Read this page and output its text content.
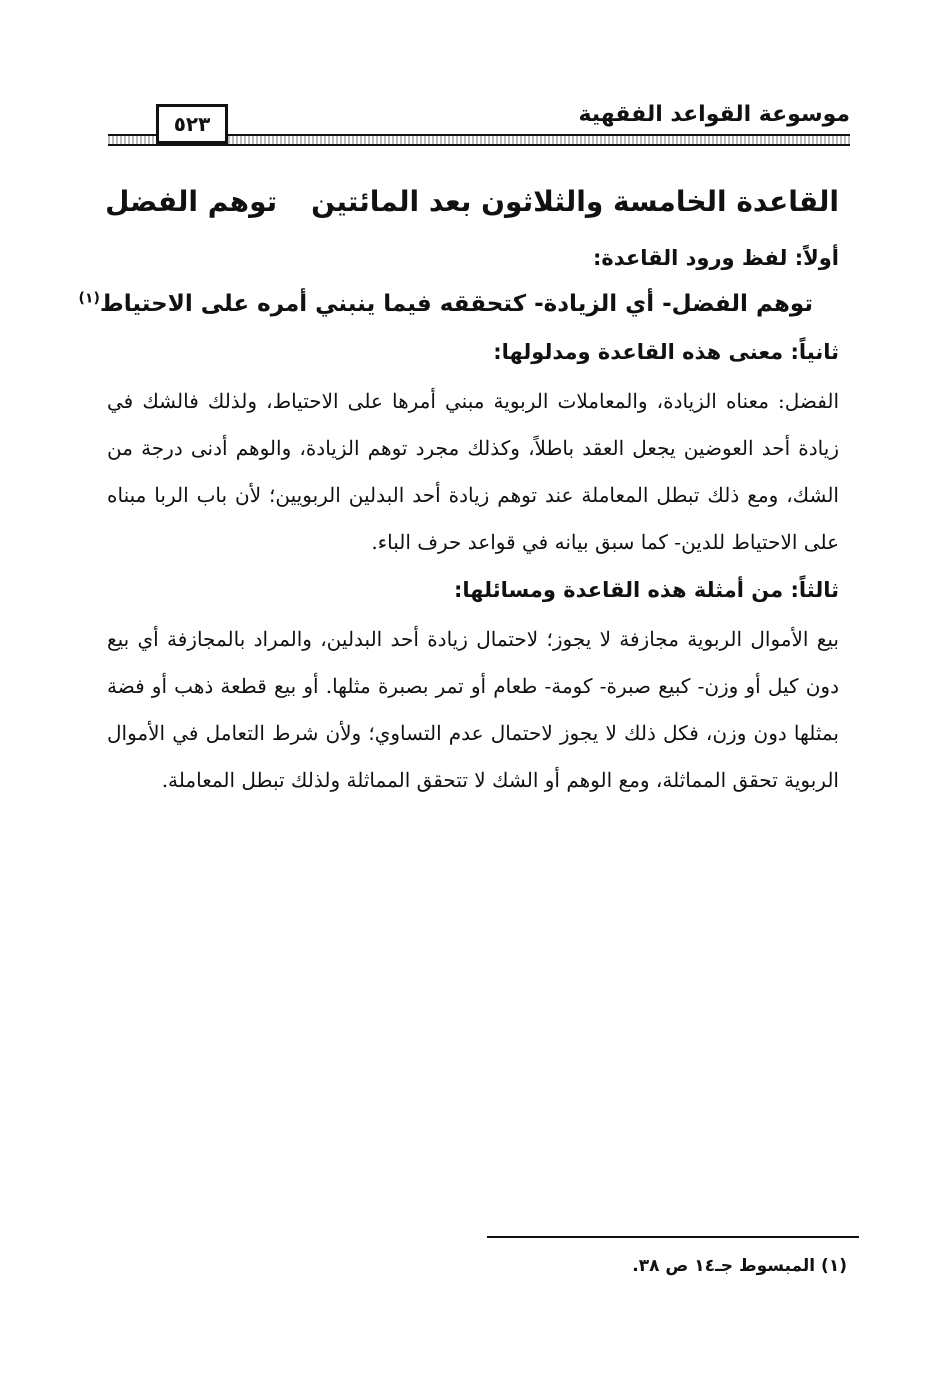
موسوعة القواعد الفقهية
٥٢٣
القاعدة الخامسة والثلاثون بعد المائتينتوهم الفضل
أولاً: لفظ ورود القاعدة:
توهم الفضل- أي الزيادة- كتحققه فيما ينبني أمره على الاحتياط$^{(١)}$
ثانياً: معنى هذه القاعدة ومدلولها:

الفضل: معناه الزيادة، والمعاملات الربوية مبني أمرها على الاحتياط، ولذلك فالشك في زيادة أحد العوضين يجعل العقد باطلاً، وكذلك مجرد توهم الزيادة، والوهم أدنى درجة من الشك، ومع ذلك تبطل المعاملة عند توهم زيادة أحد البدلين الربويين؛ لأن باب الربا مبناه على الاحتياط للدين- كما سبق بيانه في قواعد حرف الباء.

ثالثاً: من أمثلة هذه القاعدة ومسائلها:

بيع الأموال الربوية مجازفة لا يجوز؛ لاحتمال زيادة أحد البدلين، والمراد بالمجازفة أي بيع دون كيل أو وزن- كبيع صبرة- كومة- طعام أو تمر بصبرة مثلها. أو بيع قطعة ذهب أو فضة بمثلها دون وزن، فكل ذلك لا يجوز لاحتمال عدم التساوي؛ ولأن شرط التعامل في الأموال الربوية تحقق المماثلة، ومع الوهم أو الشك لا تتحقق المماثلة ولذلك تبطل المعاملة.

(١) المبسوط جـ١٤ ص ٣٨.
